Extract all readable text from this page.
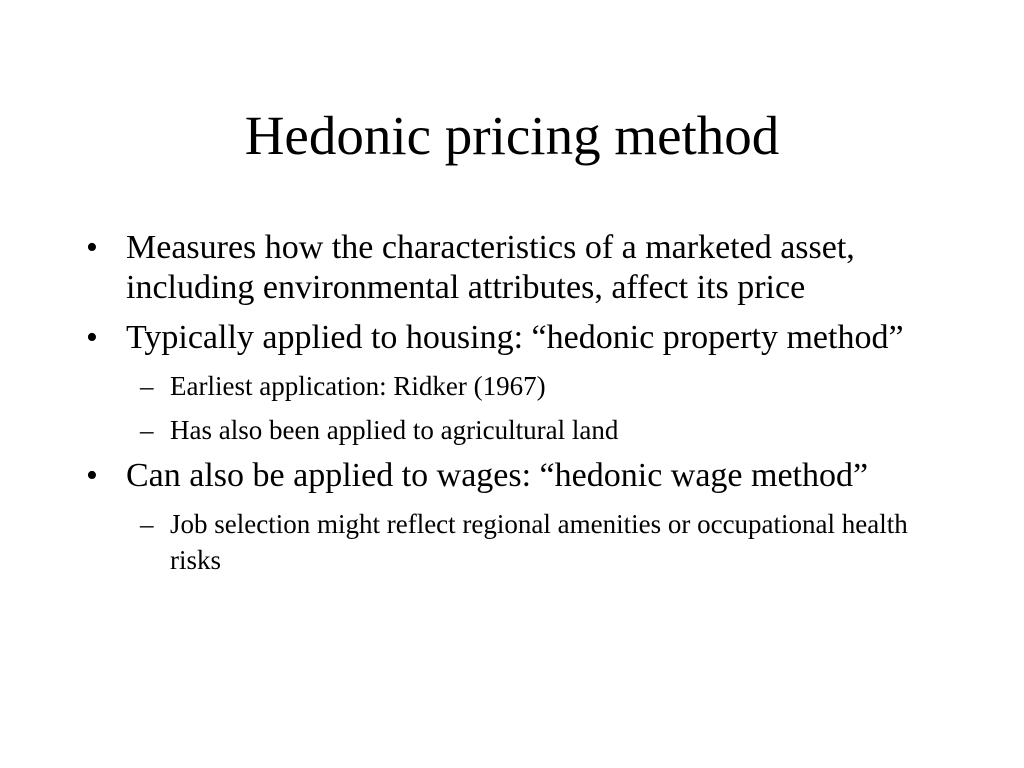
Hedonic pricing method
• Measures how the characteristics of a marketed asset, including environmental attributes, affect its price
• Typically applied to housing: “hedonic property method”
– Earliest application: Ridker (1967)
– Has also been applied to agricultural land
• Can also be applied to wages: “hedonic wage method”
– Job selection might reflect regional amenities or occupational health risks
